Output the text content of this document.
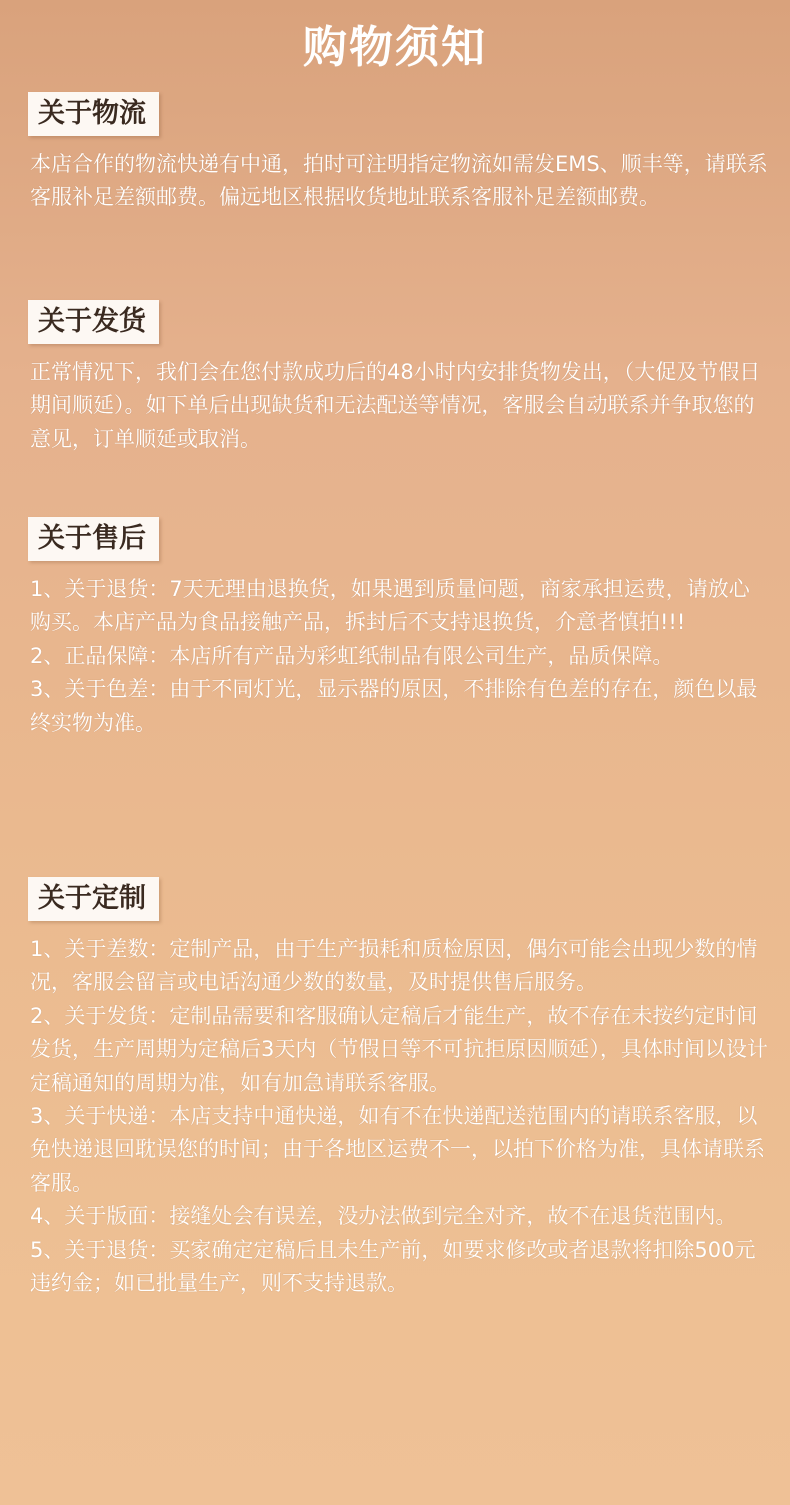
购物须知
关于物流

本店合作的物流快递有中通，拍时可注明指定物流如需发EMS、顺丰等，请联系客服补足差额邮费。偏远地区根据收货地址联系客服补足差额邮费。

关于发货

正常情况下，我们会在您付款成功后的48小时内安排货物发出，（大促及节假日期间顺延）。如下单后出现缺货和无法配送等情况，客服会自动联系并争取您的意见，订单顺延或取消。

关于售后

1、关于退货：7天无理由退换货，如果遇到质量问题，商家承担运费，请放心购买。本店产品为食品接触产品，拆封后不支持退换货，介意者慎拍!!!

2、正品保障：本店所有产品为彩虹纸制品有限公司生产，品质保障。

3、关于色差：由于不同灯光，显示器的原因，不排除有色差的存在，颜色以最终实物为准。

关于定制

1、关于差数：定制产品，由于生产损耗和质检原因，偶尔可能会出现少数的情况，客服会留言或电话沟通少数的数量，及时提供售后服务。

2、关于发货：定制品需要和客服确认定稿后才能生产，故不存在未按约定时间发货，生产周期为定稿后3天内（节假日等不可抗拒原因顺延），具体时间以设计定稿通知的周期为准，如有加急请联系客服。

3、关于快递：本店支持中通快递，如有不在快递配送范围内的请联系客服，以免快递退回耽误您的时间；由于各地区运费不一，以拍下价格为准，具体请联系客服。

4、关于版面：接缝处会有误差，没办法做到完全对齐，故不在退货范围内。

5、关于退货：买家确定定稿后且未生产前，如要求修改或者退款将扣除500元违约金；如已批量生产，则不支持退款。
